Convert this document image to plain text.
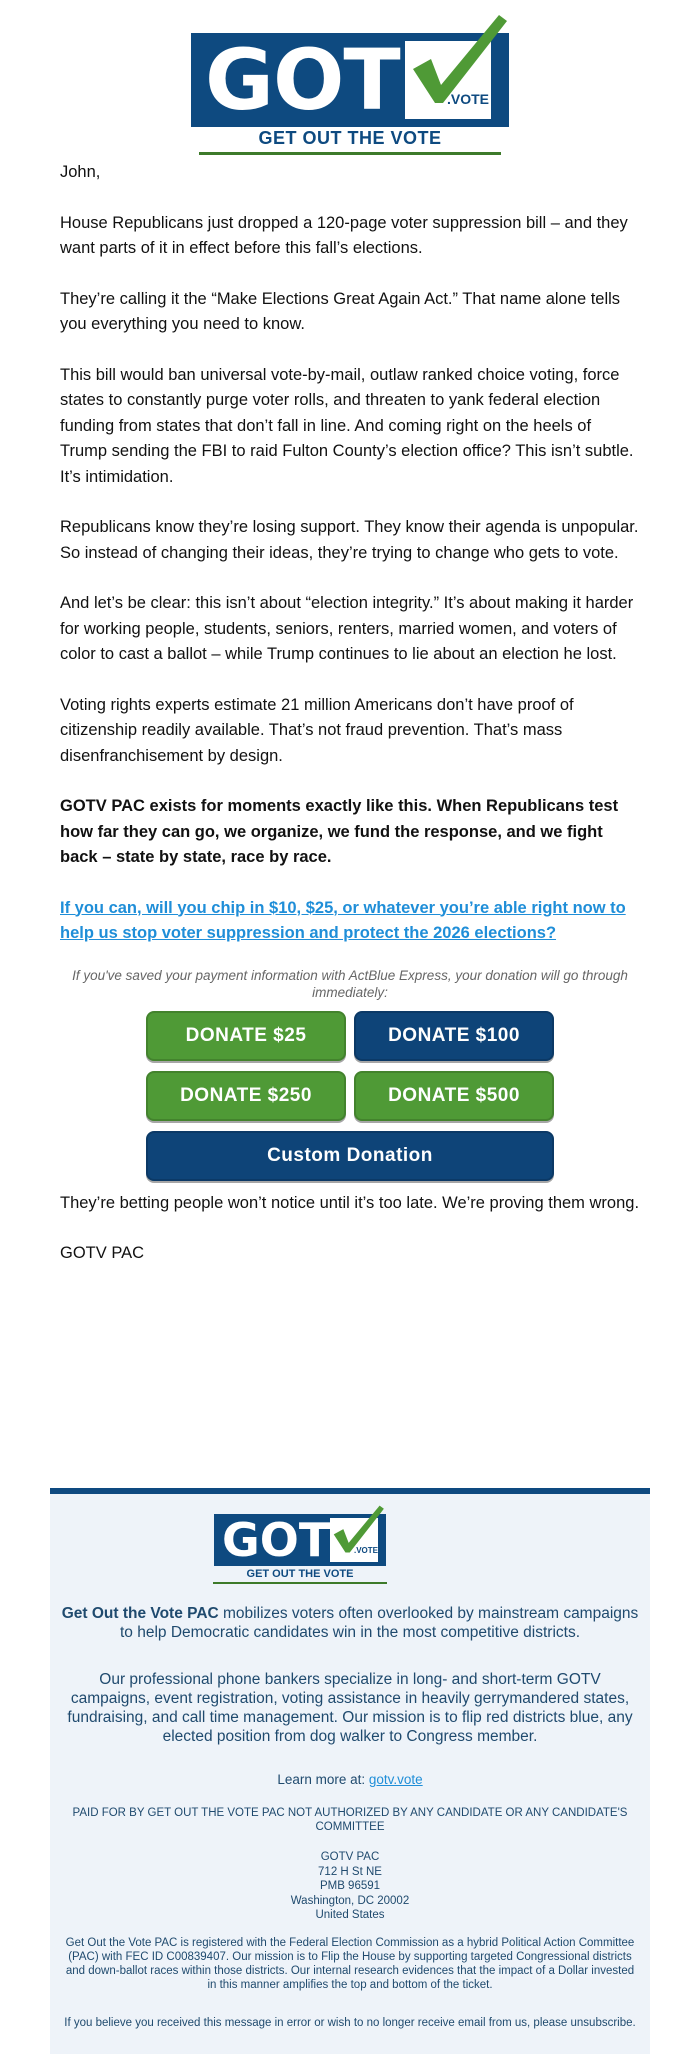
GOT	.VOTE
GET OUT THE VOTE

John,

House Republicans just dropped a 120-page voter suppression bill – and they want parts of it in effect before this fall’s elections.

They’re calling it the “Make Elections Great Again Act.” That name alone tells you everything you need to know.

This bill would ban universal vote-by-mail, outlaw ranked choice voting, force states to constantly purge voter rolls, and threaten to yank federal election funding from states that don’t fall in line. And coming right on the heels of Trump sending the FBI to raid Fulton County’s election office? This isn’t subtle. It’s intimidation.

Republicans know they’re losing support. They know their agenda is unpopular. So instead of changing their ideas, they’re trying to change who gets to vote.

And let’s be clear: this isn’t about “election integrity.” It’s about making it harder for working people, students, seniors, renters, married women, and voters of color to cast a ballot – while Trump continues to lie about an election he lost.

Voting rights experts estimate 21 million Americans don’t have proof of citizenship readily available. That’s not fraud prevention. That’s mass disenfranchisement by design.

GOTV PAC exists for moments exactly like this. When Republicans test how far they can go, we organize, we fund the response, and we fight back – state by state, race by race.

If you can, will you chip in $10, $25, or whatever you’re able right now to help us stop voter suppression and protect the 2026 elections?

If you've saved your payment information with ActBlue Express, your donation will go through immediately:
DONATE $25	DONATE $100
DONATE $250	DONATE $500
Custom Donation

They’re betting people won’t notice until it’s too late. We’re proving them wrong.

GOTV PAC

GOT	.VOTE
GET OUT THE VOTE
Get Out the Vote PAC mobilizes voters often overlooked by mainstream campaigns to help Democratic candidates win in the most competitive districts.
Our professional phone bankers specialize in long- and short-term GOTV campaigns, event registration, voting assistance in heavily gerrymandered states, fundraising, and call time management. Our mission is to flip red districts blue, any elected position from dog walker to Congress member.
Learn more at: gotv.vote
PAID FOR BY GET OUT THE VOTE PAC NOT AUTHORIZED BY ANY CANDIDATE OR ANY CANDIDATE'S COMMITTEE
GOTV PAC
712 H St NE
PMB 96591
Washington, DC 20002
United States
Get Out the Vote PAC is registered with the Federal Election Commission as a hybrid Political Action Committee (PAC) with FEC ID C00839407. Our mission is to Flip the House by supporting targeted Congressional districts and down-ballot races within those districts. Our internal research evidences that the impact of a Dollar invested in this manner amplifies the top and bottom of the ticket.
If you believe you received this message in error or wish to no longer receive email from us, please unsubscribe.
